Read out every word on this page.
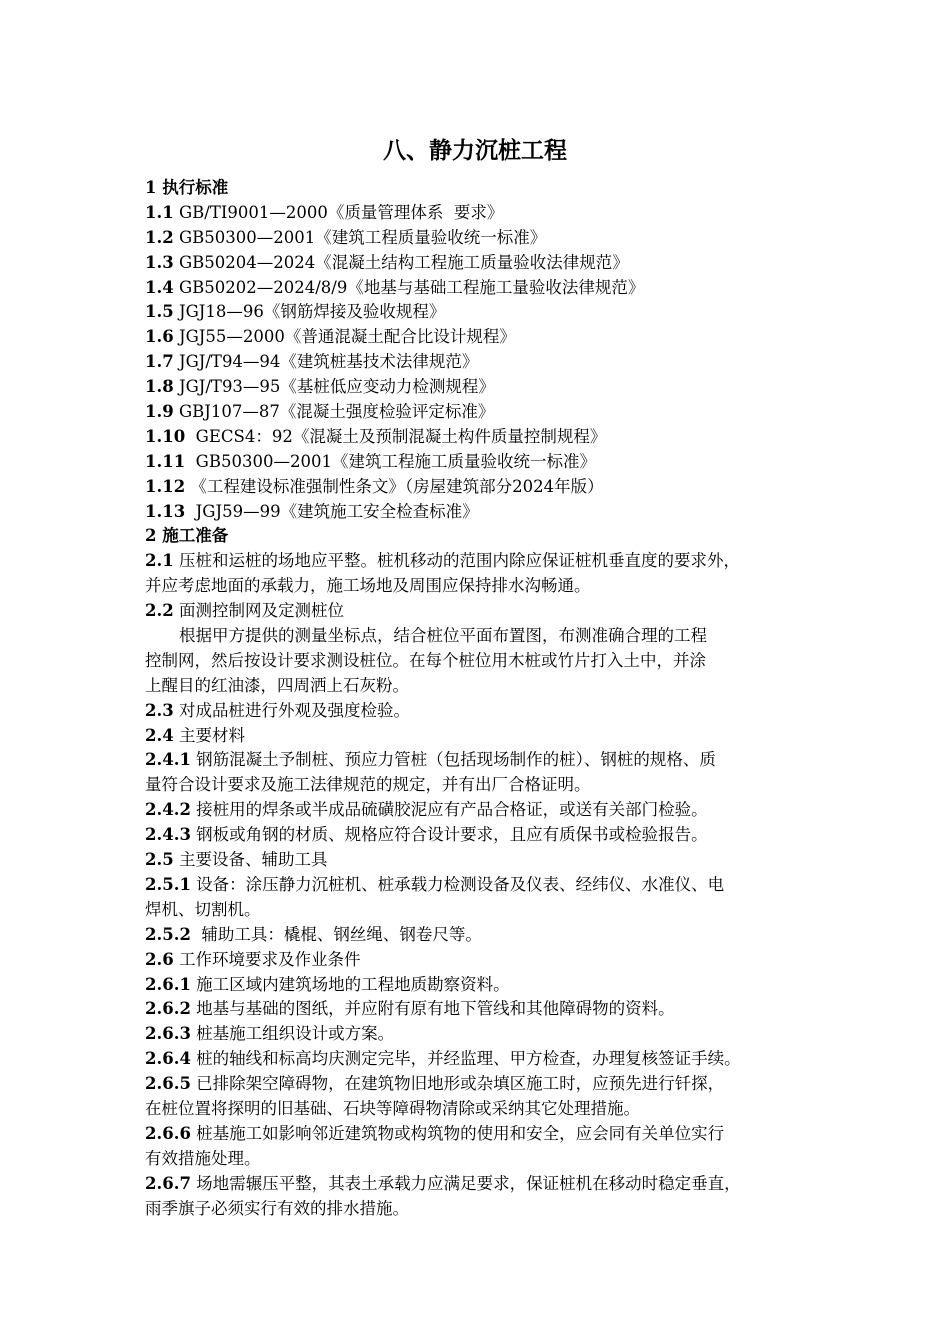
八、静力沉桩工程
1 执行标准
1.1 GB/TI9001—2000《质量管理体系  要求》
1.2 GB50300—2001《建筑工程质量验收统一标准》
1.3 GB50204—2024《混凝土结构工程施工质量验收法律规范》
1.4 GB50202—2024/8/9《地基与基础工程施工量验收法律规范》
1.5 JGJ18—96《钢筋焊接及验收规程》
1.6 JGJ55—2000《普通混凝土配合比设计规程》
1.7 JGJ/T94—94《建筑桩基技术法律规范》
1.8 JGJ/T93—95《基桩低应变动力检测规程》
1.9 GBJ107—87《混凝土强度检验评定标准》
1.10  GECS4：92《混凝土及预制混凝土构件质量控制规程》
1.11  GB50300—2001《建筑工程施工质量验收统一标准》
1.12 《工程建设标准强制性条文》（房屋建筑部分2024年版）
1.13  JGJ59—99《建筑施工安全检查标准》
2 施工准备
2.1 压桩和运桩的场地应平整。桩机移动的范围内除应保证桩机垂直度的要求外，
并应考虑地面的承载力，施工场地及周围应保持排水沟畅通。
2.2 面测控制网及定测桩位
根据甲方提供的测量坐标点，结合桩位平面布置图，布测准确合理的工程
控制网，然后按设计要求测设桩位。在每个桩位用木桩或竹片打入土中，并涂
上醒目的红油漆，四周洒上石灰粉。
2.3 对成品桩进行外观及强度检验。
2.4 主要材料
2.4.1 钢筋混凝土予制桩、预应力管桩（包括现场制作的桩）、钢桩的规格、质
量符合设计要求及施工法律规范的规定，并有出厂合格证明。
2.4.2 接桩用的焊条或半成品硫磺胶泥应有产品合格证，或送有关部门检验。
2.4.3 钢板或角钢的材质、规格应符合设计要求，且应有质保书或检验报告。
2.5 主要设备、辅助工具
2.5.1 设备：涂压静力沉桩机、桩承载力检测设备及仪表、经纬仪、水准仪、电
焊机、切割机。
2.5.2  辅助工具：橇棍、钢丝绳、钢卷尺等。
2.6 工作环境要求及作业条件
2.6.1 施工区域内建筑场地的工程地质勘察资料。
2.6.2 地基与基础的图纸，并应附有原有地下管线和其他障碍物的资料。
2.6.3 桩基施工组织设计或方案。
2.6.4 桩的轴线和标高均庆测定完毕，并经监理、甲方检查，办理复核签证手续。
2.6.5 已排除架空障碍物，在建筑物旧地形或杂填区施工时，应预先进行钎探，
在桩位置将探明的旧基础、石块等障碍物清除或采纳其它处理措施。
2.6.6 桩基施工如影响邻近建筑物或构筑物的使用和安全，应会同有关单位实行
有效措施处理。
2.6.7 场地需辗压平整，其表土承载力应满足要求，保证桩机在移动时稳定垂直，
雨季旗子必须实行有效的排水措施。
